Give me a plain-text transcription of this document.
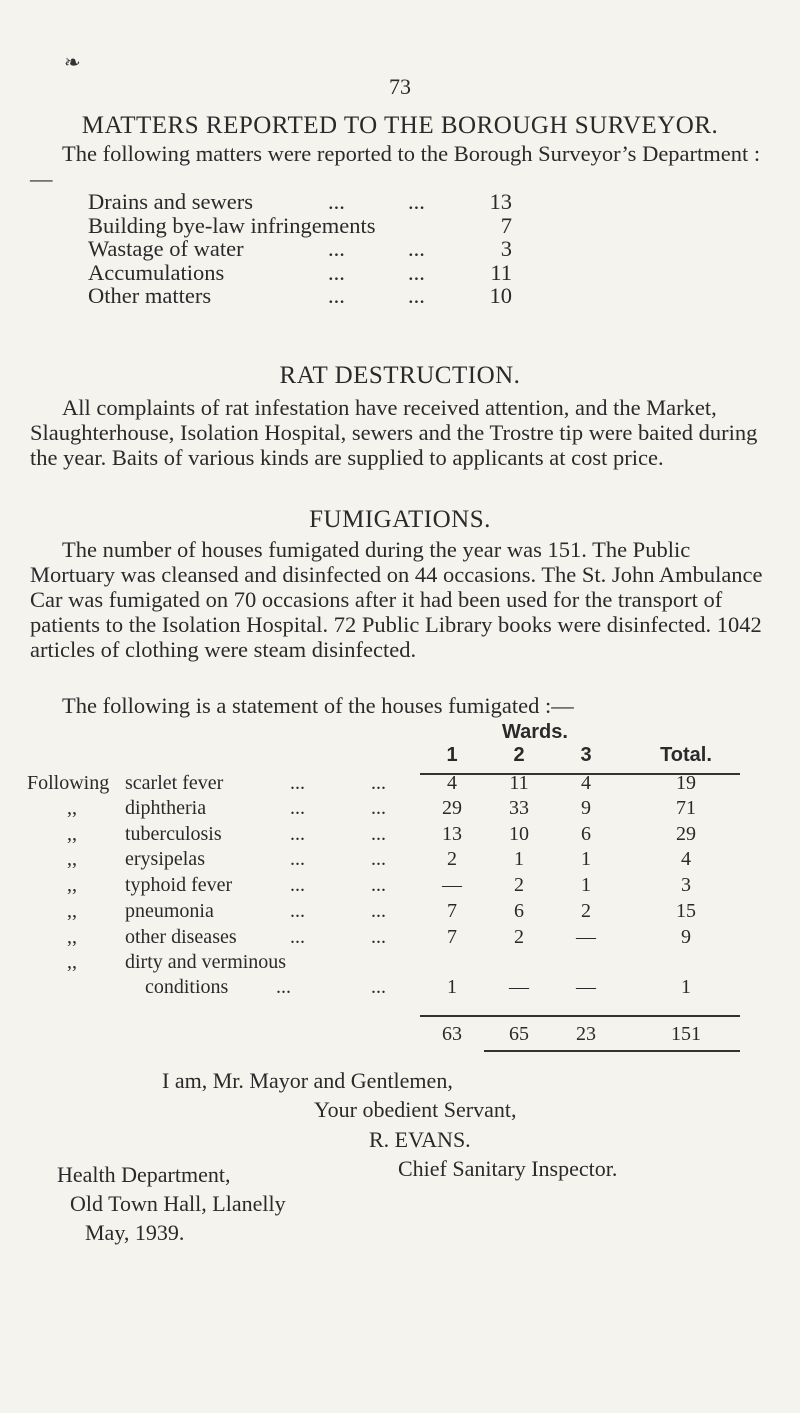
❧
73
MATTERS REPORTED TO THE BOROUGH SURVEYOR.
The following matters were reported to the Borough Surveyor’s Department :—
Drains and sewers	...	...	13
Building bye-law infringements	7
Wastage of water	...	...	3
Accumulations	...	...	11
Other matters	...	...	10
RAT DESTRUCTION.
All complaints of rat infestation have received attention, and the Market, Slaughterhouse, Isolation Hospital, sewers and the Trostre tip were baited during the year. Baits of various kinds are supplied to applicants at cost price.
FUMIGATIONS.
The number of houses fumigated during the year was 151. The Public Mortuary was cleansed and disinfected on 44 occasions. The St. John Ambulance Car was fumigated on 70 occasions after it had been used for the transport of patients to the Isolation Hospital. 72 Public Library books were disinfected. 1042 articles of clothing were steam disinfected.
The following is a statement of the houses fumigated :—
Wards.
1	2	3	Total.
Following scarlet fever	...	...	4	11	4	19
,, diphtheria	...	...	29	33	9	71
,, tuberculosis	...	...	13	10	6	29
,, erysipelas	...	...	2	1	1	4
,, typhoid fever	...	...	—	2	1	3
,, pneumonia	...	...	7	6	2	15
,, other diseases	...	...	7	2	—	9
,, dirty and verminous
conditions ...	...	1	—	—	1
63	65	23	151
I am, Mr. Mayor and Gentlemen,
Your obedient Servant,
R. EVANS.
Chief Sanitary Inspector.
Health Department,
Old Town Hall, Llanelly
May, 1939.
